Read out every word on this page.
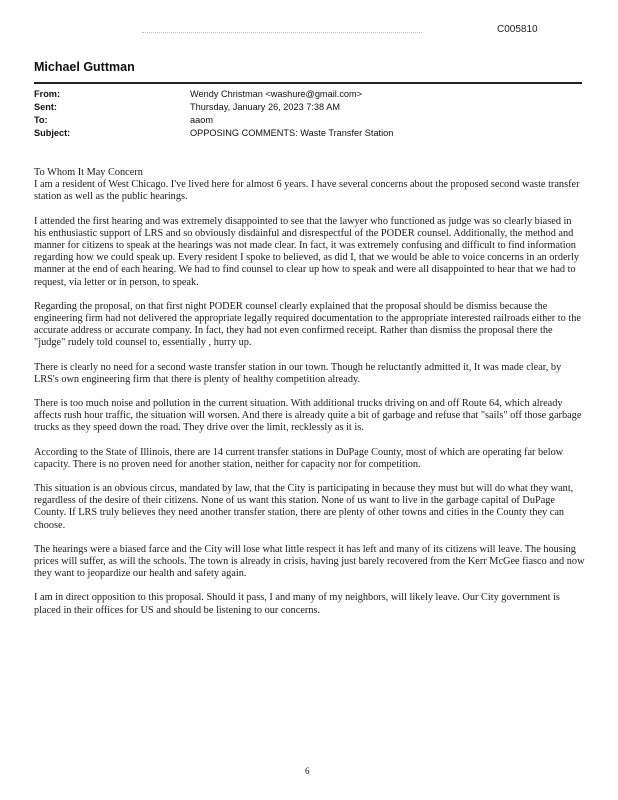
C005810
Michael Guttman
From:	Wendy Christman <washure@gmail.com>
Sent:	Thursday, January 26, 2023 7:38 AM
To:	aaom
Subject:	OPPOSING COMMENTS: Waste Transfer Station

To Whom It May Concern

I am a resident of West Chicago. I've lived here for almost 6 years. I have several concerns about the proposed second waste transfer station as well as the public hearings.

I attended the first hearing and was extremely disappointed to see that the lawyer who functioned as judge was so clearly biased in his enthusiastic support of LRS and so obviously disdainful and disrespectful of the PODER counsel. Additionally, the method and manner for citizens to speak at the hearings was not made clear. In fact, it was extremely confusing and difficult to find information regarding how we could speak up. Every resident I spoke to believed, as did I, that we would be able to voice concerns in an orderly manner at the end of each hearing. We had to find counsel to clear up how to speak and were all disappointed to hear that we had to request, via letter or in person, to speak.

Regarding the proposal, on that first night PODER counsel clearly explained that the proposal should be dismiss because the engineering firm had not delivered the appropriate legally required documentation to the appropriate interested railroads either to the accurate address or accurate company. In fact, they had not even confirmed receipt. Rather than dismiss the proposal there the "judge" rudely told counsel to, essentially , hurry up.

There is clearly no need for a second waste transfer station in our town. Though he reluctantly admitted it, It was made clear, by LRS's own engineering firm that there is plenty of healthy competition already.

There is too much noise and pollution in the current situation. With additional trucks driving on and off Route 64, which already affects rush hour traffic, the situation will worsen. And there is already quite a bit of garbage and refuse that "sails" off those garbage trucks as they speed down the road. They drive over the limit, recklessly as it is.

According to the State of Illinois, there are 14 current transfer stations in DuPage County, most of which are operating far below capacity. There is no proven need for another station, neither for capacity nor for competition.

This situation is an obvious circus, mandated by law, that the City is participating in because they must but will do what they want, regardless of the desire of their citizens. None of us want this station. None of us want to live in the garbage capital of DuPage County. If LRS truly believes they need another transfer station, there are plenty of other towns and cities in the County they can choose.

The hearings were a biased farce and the City will lose what little respect it has left and many of its citizens will leave. The housing prices will suffer, as will the schools. The town is already in crisis, having just barely recovered from the Kerr McGee fiasco and now they want to jeopardize our health and safety again.

I am in direct opposition to this proposal. Should it pass, I and many of my neighbors, will likely leave. Our City government is placed in their offices for US and should be listening to our concerns.

6
